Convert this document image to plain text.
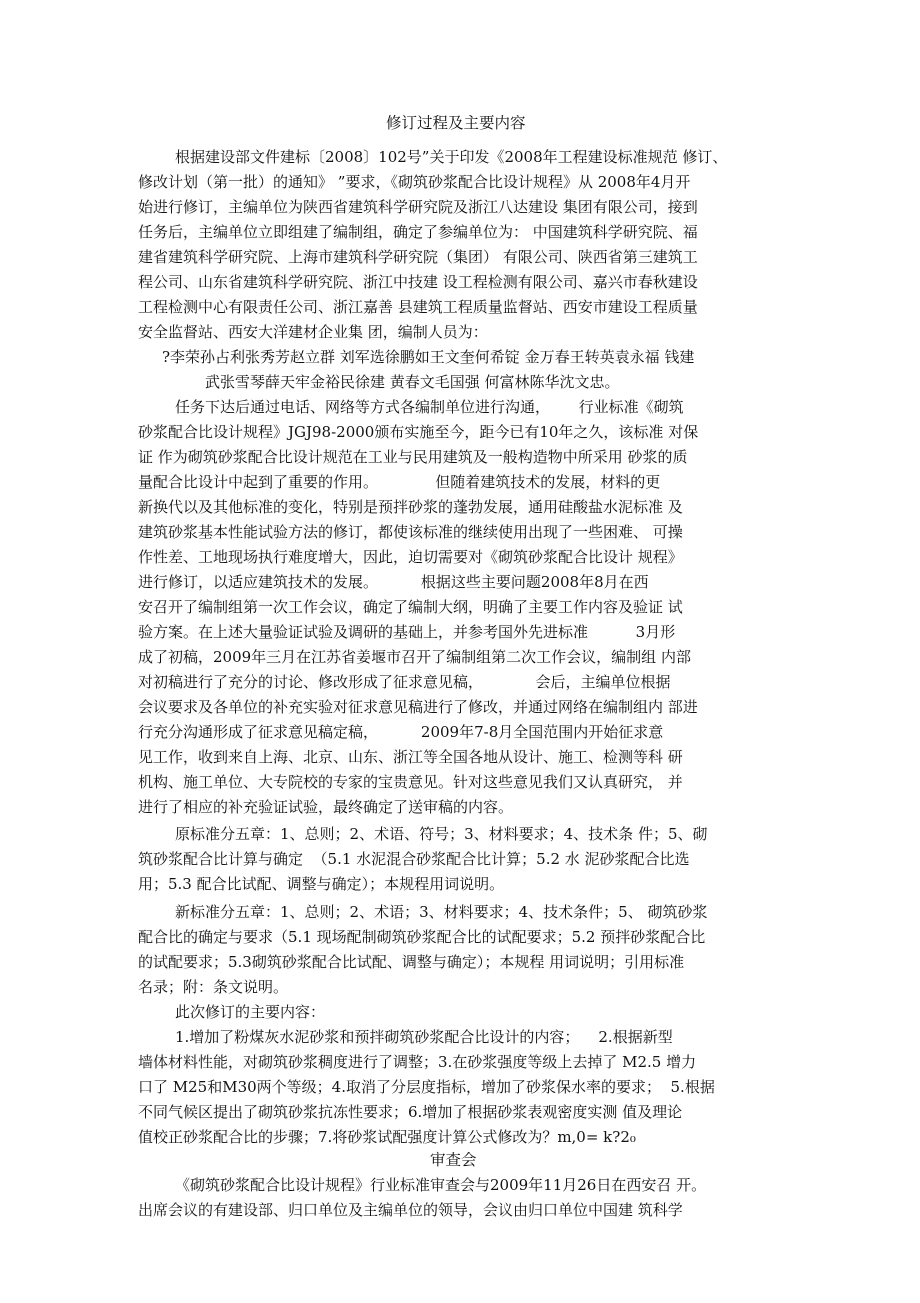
修订过程及主要内容
根据建设部文件建标〔2008〕102号”关于印发《2008年工程建设标准规范 修订、
修改计划（第一批）的通知》 ”要求，《砌筑砂浆配合比设计规程》从 2008年4月开
始进行修订，主编单位为陕西省建筑科学研究院及浙江八达建设 集团有限公司，接到
任务后，主编单位立即组建了编制组，确定了参编单位为： 中国建筑科学研究院、福
建省建筑科学研究院、上海市建筑科学研究院（集团） 有限公司、陕西省第三建筑工
程公司、山东省建筑科学研究院、浙江中技建 设工程检测有限公司、嘉兴市春秋建设
工程检测中心有限责任公司、浙江嘉善 县建筑工程质量监督站、西安市建设工程质量
安全监督站、西安大洋建材企业集 团，编制人员为：
?李荣孙占利张秀芳赵立群 刘军选徐鹏如王文奎何希锭 金万春王转英袁永福 钱建
武张雪琴薛天牢金裕民徐建 黄春文毛国强 何富林陈华沈文忠。
任务下达后通过电话、网络等方式各编制单位进行沟通，      行业标准《砌筑
砂浆配合比设计规程》JGJ98-2000颁布实施至今，距今已有10年之久，该标准 对保
证 作为砌筑砂浆配合比设计规范在工业与民用建筑及一般构造物中所采用 砂浆的质
量配合比设计中起到了重要的作用。            但随着建筑技术的发展，材料的更
新换代以及其他标准的变化，特别是预拌砂浆的蓬勃发展，通用硅酸盐水泥标准 及
建筑砂浆基本性能试验方法的修订，都使该标准的继续使用出现了一些困难、 可操
作性差、工地现场执行难度增大，因此，迫切需要对《砌筑砂浆配合比设计 规程》
进行修订，以适应建筑技术的发展。         根据这些主要问题2008年8月在西
安召开了编制组第一次工作会议，确定了编制大纲，明确了主要工作内容及验证 试
验方案。在上述大量验证试验及调研的基础上，并参考国外先进标准          3月形
成了初稿，2009年三月在江苏省姜堰市召开了编制组第二次工作会议，编制组 内部
对初稿进行了充分的讨论、修改形成了征求意见稿，           会后，主编单位根据
会议要求及各单位的补充实验对征求意见稿进行了修改，并通过网络在编制组内 部进
行充分沟通形成了征求意见稿定稿，         2009年7-8月全国范围内开始征求意
见工作，收到来自上海、北京、山东、浙江等全国各地从设计、施工、检测等科 研
机构、施工单位、大专院校的专家的宝贵意见。针对这些意见我们又认真研究， 并
进行了相应的补充验证试验，最终确定了送审稿的内容。
原标准分五章：1、总则；2、术语、符号；3、材料要求；4、技术条 件；5、砌
筑砂浆配合比计算与确定  （5.1 水泥混合砂浆配合比计算；5.2 水 泥砂浆配合比选
用；5.3 配合比试配、调整与确定）；本规程用词说明。
新标准分五章：1、总则；2、术语；3、材料要求；4、技术条件；5、 砌筑砂浆
配合比的确定与要求（5.1 现场配制砌筑砂浆配合比的试配要求；5.2 预拌砂浆配合比
的试配要求；5.3砌筑砂浆配合比试配、调整与确定）；本规程 用词说明；引用标准
名录；附：条文说明。
此次修订的主要内容：
1.增加了粉煤灰水泥砂浆和预拌砌筑砂浆配合比设计的内容；    2.根据新型
墙体材料性能，对砌筑砂浆稠度进行了调整；3.在砂浆强度等级上去掉了 M2.5 增力
口了 M25和M30两个等级；4.取消了分层度指标，增加了砂浆保水率的要求；  5.根据
不同气候区提出了砌筑砂浆抗冻性要求；6.增加了根据砂浆表观密度实测 值及理论
值校正砂浆配合比的步骤；7.将砂浆试配强度计算公式修改为？m,0= k?2₀
审查会
《砌筑砂浆配合比设计规程》行业标准审查会与2009年11月26日在西安召 开。
出席会议的有建设部、归口单位及主编单位的领导，会议由归口单位中国建 筑科学
